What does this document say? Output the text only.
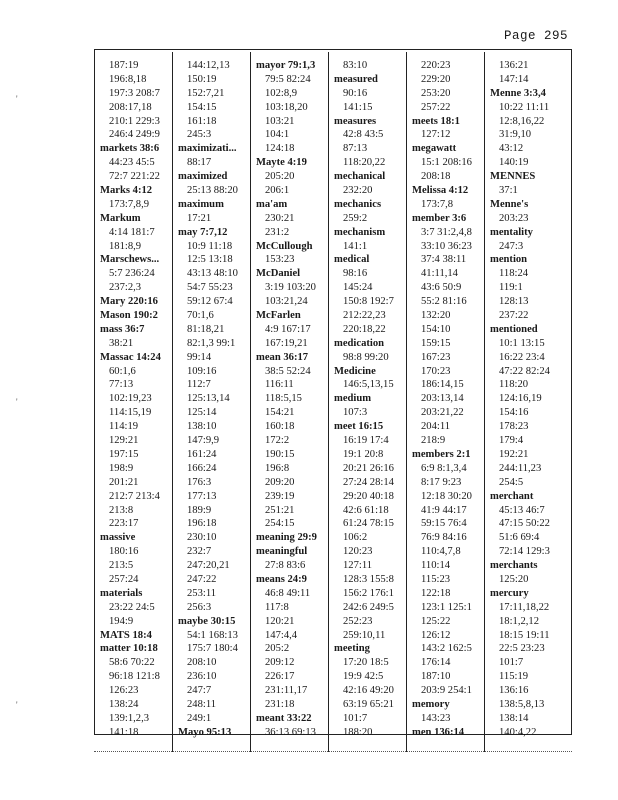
Page 295
'
'
'
187:19
196:8,18
197:3 208:7
208:17,18
210:1 229:3
246:4 249:9
markets 38:6
44:23 45:5
72:7 221:22
Marks 4:12
173:7,8,9
Markum
4:14 181:7
181:8,9
Marschews...
5:7 236:24
237:2,3
Mary 220:16
Mason 190:2
mass 36:7
38:21
Massac 14:24
60:1,6
77:13
102:19,23
114:15,19
114:19
129:21
197:15
198:9
201:21
212:7 213:4
213:8
223:17
massive
180:16
213:5
257:24
materials
23:22 24:5
194:9
MATS 18:4
matter 10:18
58:6 70:22
96:18 121:8
126:23
138:24
139:1,2,3
141:18
144:12,13
150:19
152:7,21
154:15
161:18
245:3
maximizati...
88:17
maximized
25:13 88:20
maximum
17:21
may 7:7,12
10:9 11:18
12:5 13:18
43:13 48:10
54:7 55:23
59:12 67:4
70:1,6
81:18,21
82:1,3 99:1
99:14
109:16
112:7
125:13,14
125:14
138:10
147:9,9
161:24
166:24
176:3
177:13
189:9
196:18
230:10
232:7
247:20,21
247:22
253:11
256:3
maybe 30:15
54:1 168:13
175:7 180:4
208:10
236:10
247:7
248:11
249:1
Mayo 95:13
mayor 79:1,3
79:5 82:24
102:8,9
103:18,20
103:21
104:1
124:18
Mayte 4:19
205:20
206:1
ma'am
230:21
231:2
McCullough
153:23
McDaniel
3:19 103:20
103:21,24
McFarlen
4:9 167:17
167:19,21
mean 36:17
38:5 52:24
116:11
118:5,15
154:21
160:18
172:2
190:15
196:8
209:20
239:19
251:21
254:15
meaning 29:9
meaningful
27:8 83:6
means 24:9
46:8 49:11
117:8
120:21
147:4,4
205:2
209:12
226:17
231:11,17
231:18
meant 33:22
36:13 69:13
83:10
measured
90:16
141:15
measures
42:8 43:5
87:13
118:20,22
mechanical
232:20
mechanics
259:2
mechanism
141:1
medical
98:16
145:24
150:8 192:7
212:22,23
220:18,22
medication
98:8 99:20
Medicine
146:5,13,15
medium
107:3
meet 16:15
16:19 17:4
19:1 20:8
20:21 26:16
27:24 28:14
29:20 40:18
42:6 61:18
61:24 78:15
106:2
120:23
127:11
128:3 155:8
156:2 176:1
242:6 249:5
252:23
259:10,11
meeting
17:20 18:5
19:9 42:5
42:16 49:20
63:19 65:21
101:7
188:20
220:23
229:20
253:20
257:22
meets 18:1
127:12
megawatt
15:1 208:16
208:18
Melissa 4:12
173:7,8
member 3:6
3:7 31:2,4,8
33:10 36:23
37:4 38:11
41:11,14
43:6 50:9
55:2 81:16
132:20
154:10
159:15
167:23
170:23
186:14,15
203:13,14
203:21,22
204:11
218:9
members 2:1
6:9 8:1,3,4
8:17 9:23
12:18 30:20
41:9 44:17
59:15 76:4
76:9 84:16
110:4,7,8
110:14
115:23
122:18
123:1 125:1
125:22
126:12
143:2 162:5
176:14
187:10
203:9 254:1
memory
143:23
men 136:14
136:21
147:14
Menne 3:3,4
10:22 11:11
12:8,16,22
31:9,10
43:12
140:19
MENNES
37:1
Menne's
203:23
mentality
247:3
mention
118:24
119:1
128:13
237:22
mentioned
10:1 13:15
16:22 23:4
47:22 82:24
118:20
124:16,19
154:16
178:23
179:4
192:21
244:11,23
254:5
merchant
45:13 46:7
47:15 50:22
51:6 69:4
72:14 129:3
merchants
125:20
mercury
17:11,18,22
18:1,2,12
18:15 19:11
22:5 23:23
101:7
115:19
136:16
138:5,8,13
138:14
140:4,22
